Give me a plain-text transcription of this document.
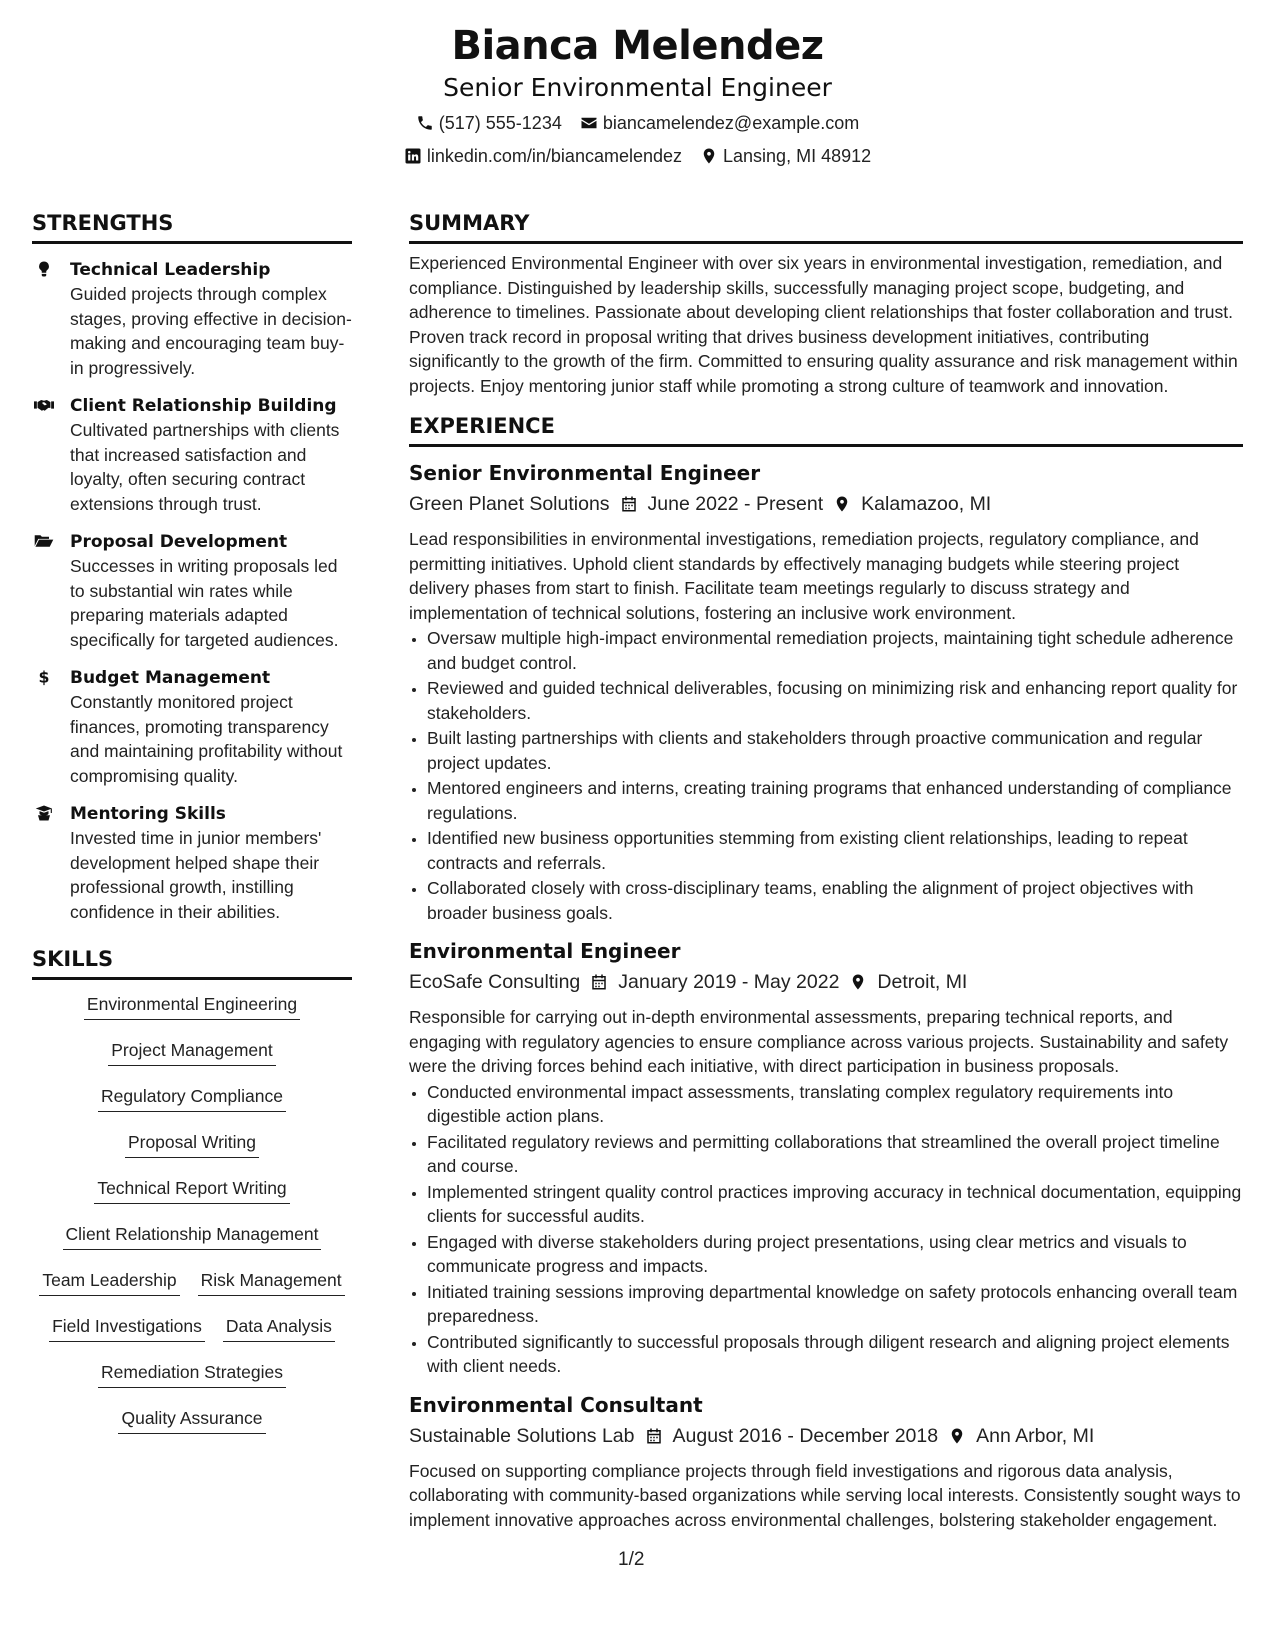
Bianca Melendez
Senior Environmental Engineer
(517) 555-1234 biancamelendez@example.com
linkedin.com/in/biancamelendez Lansing, MI 48912
STRENGTHS
Technical Leadership
Guided projects through complex stages, proving effective in decision-making and encouraging team buy-in progressively.
Client Relationship Building
Cultivated partnerships with clients that increased satisfaction and loyalty, often securing contract extensions through trust.
Proposal Development
Successes in writing proposals led to substantial win rates while preparing materials adapted specifically for targeted audiences.
$ Budget Management
Constantly monitored project finances, promoting transparency and maintaining profitability without compromising quality.
Mentoring Skills
Invested time in junior members' development helped shape their professional growth, instilling confidence in their abilities.
SKILLS
Environmental Engineering
Project Management
Regulatory Compliance
Proposal Writing
Technical Report Writing
Client Relationship Management
Team Leadership Risk Management
Field Investigations Data Analysis
Remediation Strategies
Quality Assurance
SUMMARY
Experienced Environmental Engineer with over six years in environmental investigation, remediation, and compliance. Distinguished by leadership skills, successfully managing project scope, budgeting, and adherence to timelines. Passionate about developing client relationships that foster collaboration and trust. Proven track record in proposal writing that drives business development initiatives, contributing significantly to the growth of the firm. Committed to ensuring quality assurance and risk management within projects. Enjoy mentoring junior staff while promoting a strong culture of teamwork and innovation.
EXPERIENCE
Senior Environmental Engineer
Green Planet Solutions June 2022 - Present Kalamazoo, MI
Lead responsibilities in environmental investigations, remediation projects, regulatory compliance, and permitting initiatives. Uphold client standards by effectively managing budgets while steering project delivery phases from start to finish. Facilitate team meetings regularly to discuss strategy and implementation of technical solutions, fostering an inclusive work environment.
• Oversaw multiple high-impact environmental remediation projects, maintaining tight schedule adherence and budget control.
• Reviewed and guided technical deliverables, focusing on minimizing risk and enhancing report quality for stakeholders.
• Built lasting partnerships with clients and stakeholders through proactive communication and regular project updates.
• Mentored engineers and interns, creating training programs that enhanced understanding of compliance regulations.
• Identified new business opportunities stemming from existing client relationships, leading to repeat contracts and referrals.
• Collaborated closely with cross-disciplinary teams, enabling the alignment of project objectives with broader business goals.
Environmental Engineer
EcoSafe Consulting January 2019 - May 2022 Detroit, MI
Responsible for carrying out in-depth environmental assessments, preparing technical reports, and engaging with regulatory agencies to ensure compliance across various projects. Sustainability and safety were the driving forces behind each initiative, with direct participation in business proposals.
• Conducted environmental impact assessments, translating complex regulatory requirements into digestible action plans.
• Facilitated regulatory reviews and permitting collaborations that streamlined the overall project timeline and course.
• Implemented stringent quality control practices improving accuracy in technical documentation, equipping clients for successful audits.
• Engaged with diverse stakeholders during project presentations, using clear metrics and visuals to communicate progress and impacts.
• Initiated training sessions improving departmental knowledge on safety protocols enhancing overall team preparedness.
• Contributed significantly to successful proposals through diligent research and aligning project elements with client needs.
Environmental Consultant
Sustainable Solutions Lab August 2016 - December 2018 Ann Arbor, MI
Focused on supporting compliance projects through field investigations and rigorous data analysis, collaborating with community-based organizations while serving local interests. Consistently sought ways to implement innovative approaches across environmental challenges, bolstering stakeholder engagement.
1/2
